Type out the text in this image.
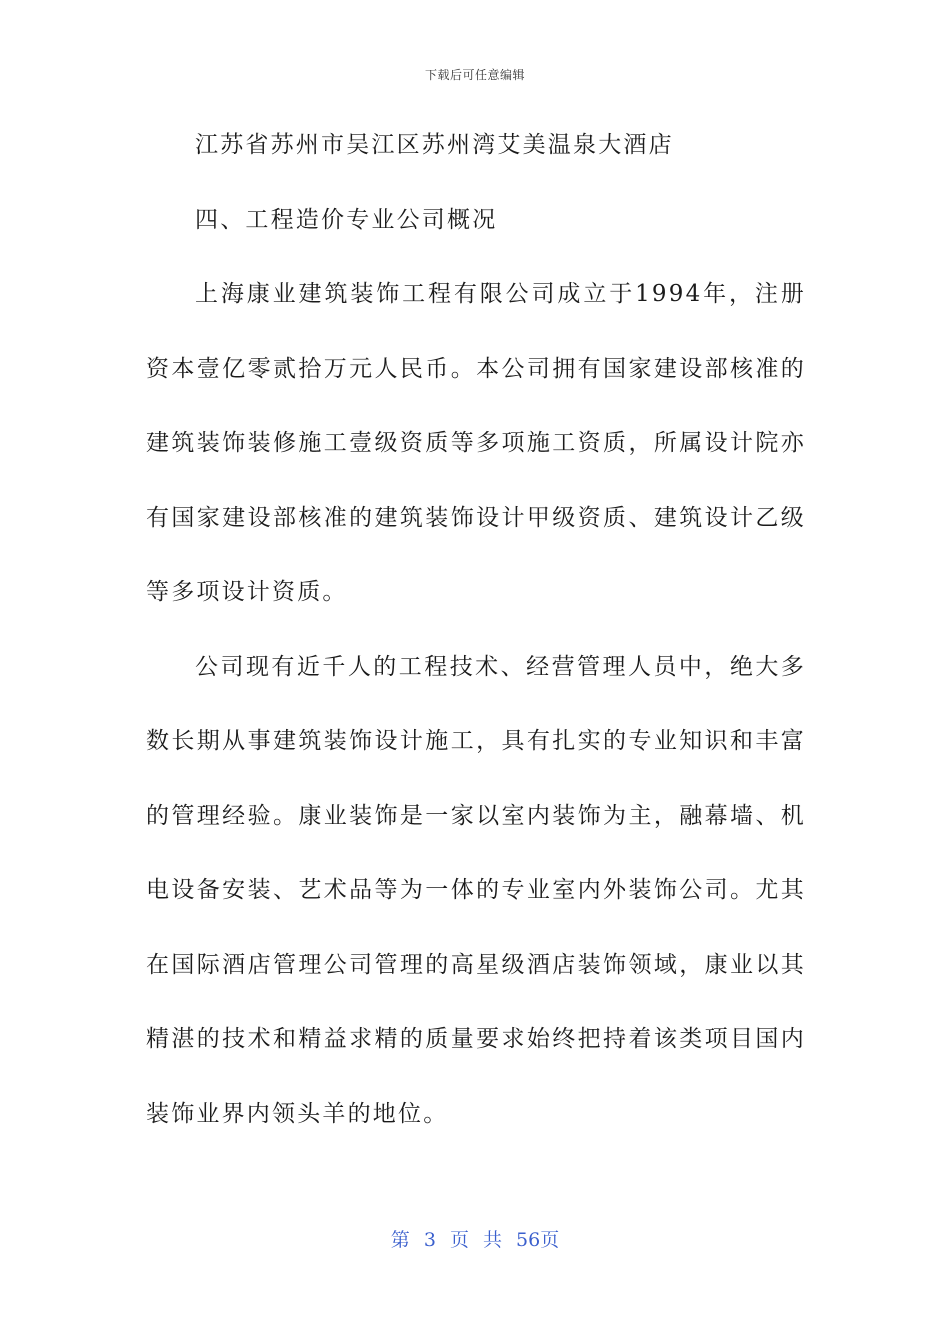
下载后可任意编辑

江苏省苏州市吴江区苏州湾艾美温泉大酒店

四、工程造价专业公司概况

上海康业建筑装饰工程有限公司成立于1994年，注册资本壹亿零贰拾万元人民币。本公司拥有国家建设部核准的建筑装饰装修施工壹级资质等多项施工资质，所属设计院亦有国家建设部核准的建筑装饰设计甲级资质、建筑设计乙级等多项设计资质。

公司现有近千人的工程技术、经营管理人员中，绝大多数长期从事建筑装饰设计施工，具有扎实的专业知识和丰富的管理经验。康业装饰是一家以室内装饰为主，融幕墙、机电设备安装、艺术品等为一体的专业室内外装饰公司。尤其在国际酒店管理公司管理的高星级酒店装饰领域，康业以其精湛的技术和精益求精的质量要求始终把持着该类项目国内装饰业界内领头羊的地位。

第 3 页 共 56页
